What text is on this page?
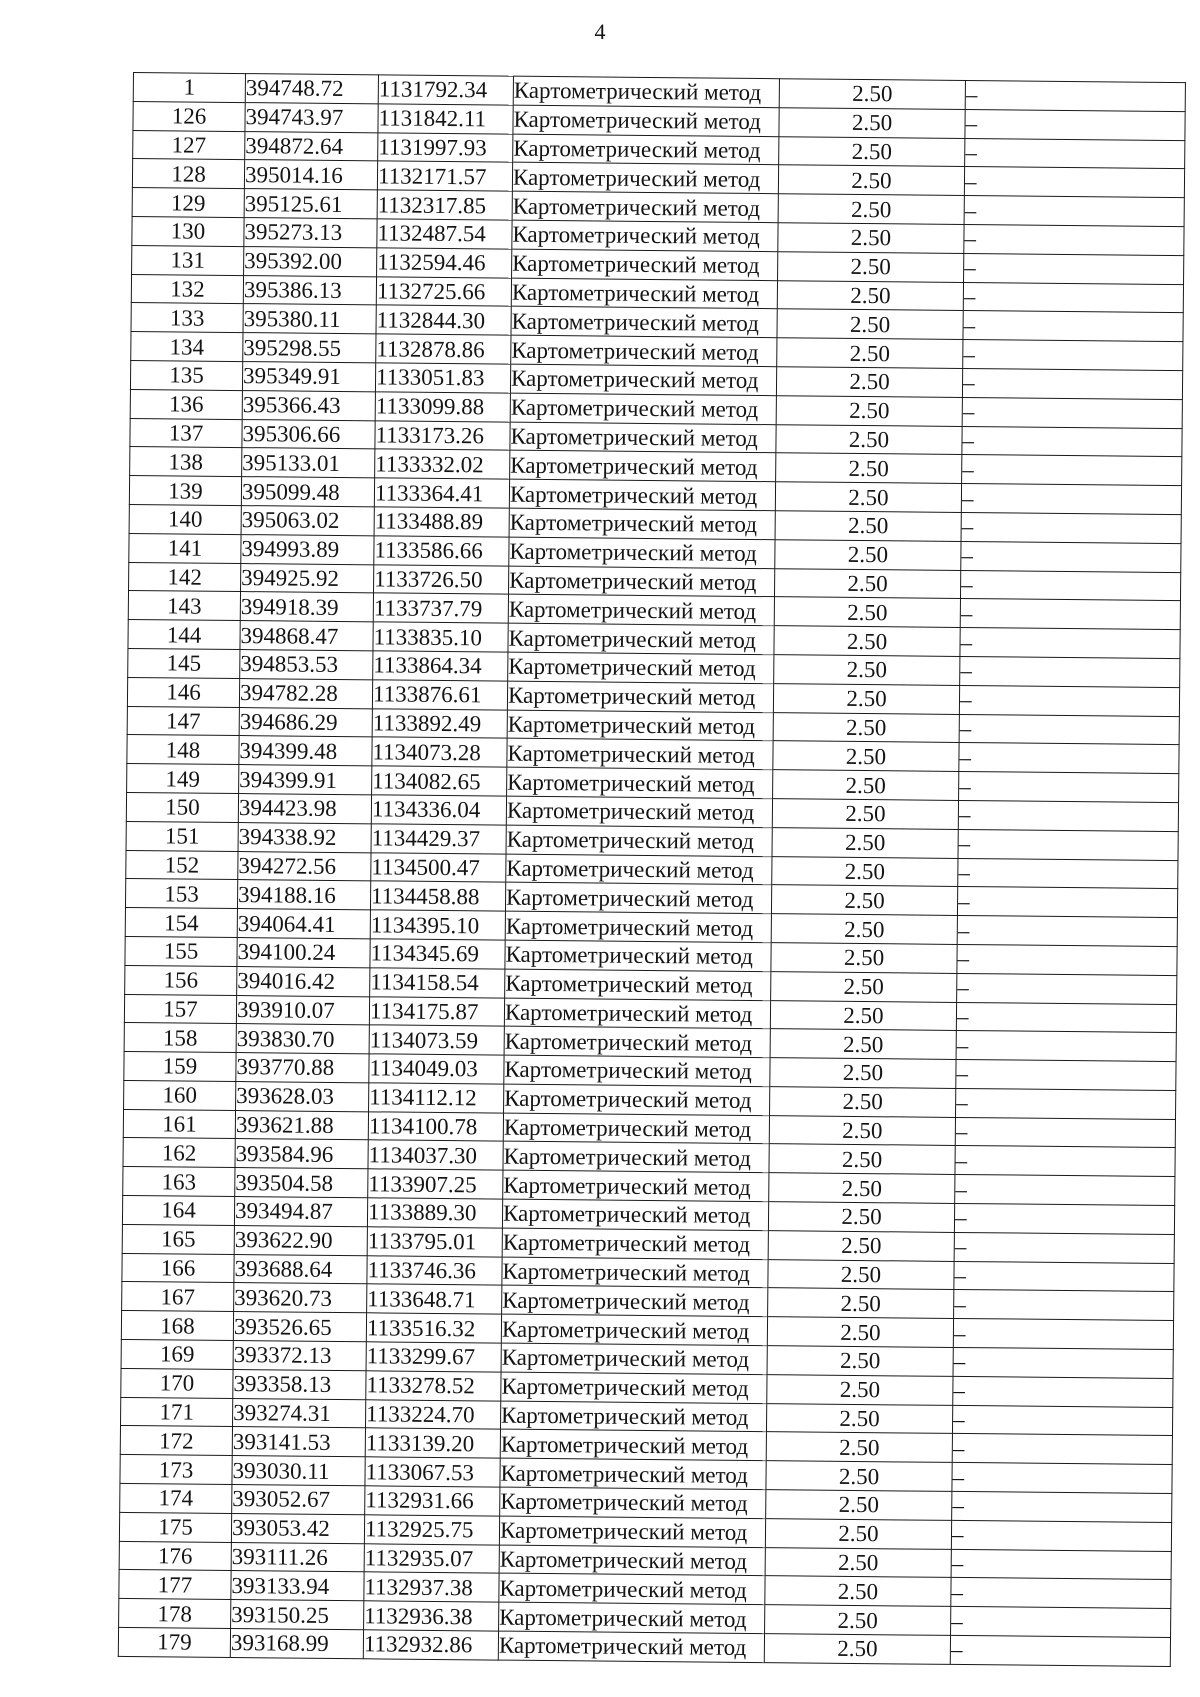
4
1	394748.72	1131792.34	Картометрический метод	2.50	–
126	394743.97	1131842.11	Картометрический метод	2.50	–
127	394872.64	1131997.93	Картометрический метод	2.50	–
128	395014.16	1132171.57	Картометрический метод	2.50	–
129	395125.61	1132317.85	Картометрический метод	2.50	–
130	395273.13	1132487.54	Картометрический метод	2.50	–
131	395392.00	1132594.46	Картометрический метод	2.50	–
132	395386.13	1132725.66	Картометрический метод	2.50	–
133	395380.11	1132844.30	Картометрический метод	2.50	–
134	395298.55	1132878.86	Картометрический метод	2.50	–
135	395349.91	1133051.83	Картометрический метод	2.50	–
136	395366.43	1133099.88	Картометрический метод	2.50	–
137	395306.66	1133173.26	Картометрический метод	2.50	–
138	395133.01	1133332.02	Картометрический метод	2.50	–
139	395099.48	1133364.41	Картометрический метод	2.50	–
140	395063.02	1133488.89	Картометрический метод	2.50	–
141	394993.89	1133586.66	Картометрический метод	2.50	–
142	394925.92	1133726.50	Картометрический метод	2.50	–
143	394918.39	1133737.79	Картометрический метод	2.50	–
144	394868.47	1133835.10	Картометрический метод	2.50	–
145	394853.53	1133864.34	Картометрический метод	2.50	–
146	394782.28	1133876.61	Картометрический метод	2.50	–
147	394686.29	1133892.49	Картометрический метод	2.50	–
148	394399.48	1134073.28	Картометрический метод	2.50	–
149	394399.91	1134082.65	Картометрический метод	2.50	–
150	394423.98	1134336.04	Картометрический метод	2.50	–
151	394338.92	1134429.37	Картометрический метод	2.50	–
152	394272.56	1134500.47	Картометрический метод	2.50	–
153	394188.16	1134458.88	Картометрический метод	2.50	–
154	394064.41	1134395.10	Картометрический метод	2.50	–
155	394100.24	1134345.69	Картометрический метод	2.50	–
156	394016.42	1134158.54	Картометрический метод	2.50	–
157	393910.07	1134175.87	Картометрический метод	2.50	–
158	393830.70	1134073.59	Картометрический метод	2.50	–
159	393770.88	1134049.03	Картометрический метод	2.50	–
160	393628.03	1134112.12	Картометрический метод	2.50	–
161	393621.88	1134100.78	Картометрический метод	2.50	–
162	393584.96	1134037.30	Картометрический метод	2.50	–
163	393504.58	1133907.25	Картометрический метод	2.50	–
164	393494.87	1133889.30	Картометрический метод	2.50	–
165	393622.90	1133795.01	Картометрический метод	2.50	–
166	393688.64	1133746.36	Картометрический метод	2.50	–
167	393620.73	1133648.71	Картометрический метод	2.50	–
168	393526.65	1133516.32	Картометрический метод	2.50	–
169	393372.13	1133299.67	Картометрический метод	2.50	–
170	393358.13	1133278.52	Картометрический метод	2.50	–
171	393274.31	1133224.70	Картометрический метод	2.50	–
172	393141.53	1133139.20	Картометрический метод	2.50	–
173	393030.11	1133067.53	Картометрический метод	2.50	–
174	393052.67	1132931.66	Картометрический метод	2.50	–
175	393053.42	1132925.75	Картометрический метод	2.50	–
176	393111.26	1132935.07	Картометрический метод	2.50	–
177	393133.94	1132937.38	Картометрический метод	2.50	–
178	393150.25	1132936.38	Картометрический метод	2.50	–
179	393168.99	1132932.86	Картометрический метод	2.50	–
